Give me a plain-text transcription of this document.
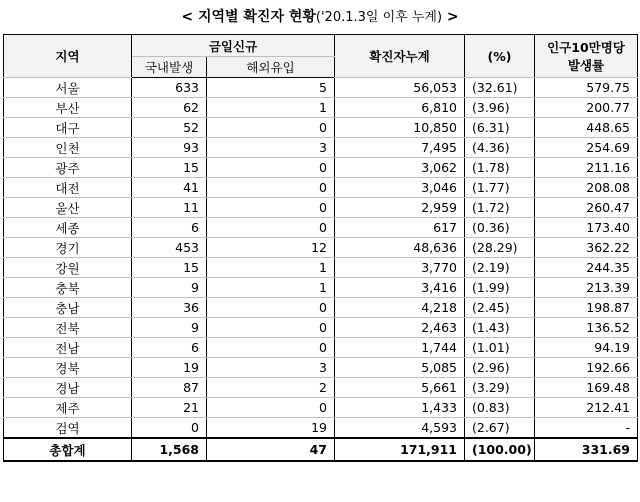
< 지역별 확진자 현황('20.1.3일 이후 누계) >
지역	금일신규		확진자누계	(%)	인구10만명당 발생률
	국내발생	해외유입			
서울	633	5	56,053	(32.61)	579.75
부산	62	1	6,810	(3.96)	200.77
대구	52	0	10,850	(6.31)	448.65
인천	93	3	7,495	(4.36)	254.69
광주	15	0	3,062	(1.78)	211.16
대전	41	0	3,046	(1.77)	208.08
울산	11	0	2,959	(1.72)	260.47
세종	6	0	617	(0.36)	173.40
경기	453	12	48,636	(28.29)	362.22
강원	15	1	3,770	(2.19)	244.35
충북	9	1	3,416	(1.99)	213.39
충남	36	0	4,218	(2.45)	198.87
전북	9	0	2,463	(1.43)	136.52
전남	6	0	1,744	(1.01)	94.19
경북	19	3	5,085	(2.96)	192.66
경남	87	2	5,661	(3.29)	169.48
제주	21	0	1,433	(0.83)	212.41
검역	0	19	4,593	(2.67)	-
총합계	1,568	47	171,911	(100.00)	331.69
